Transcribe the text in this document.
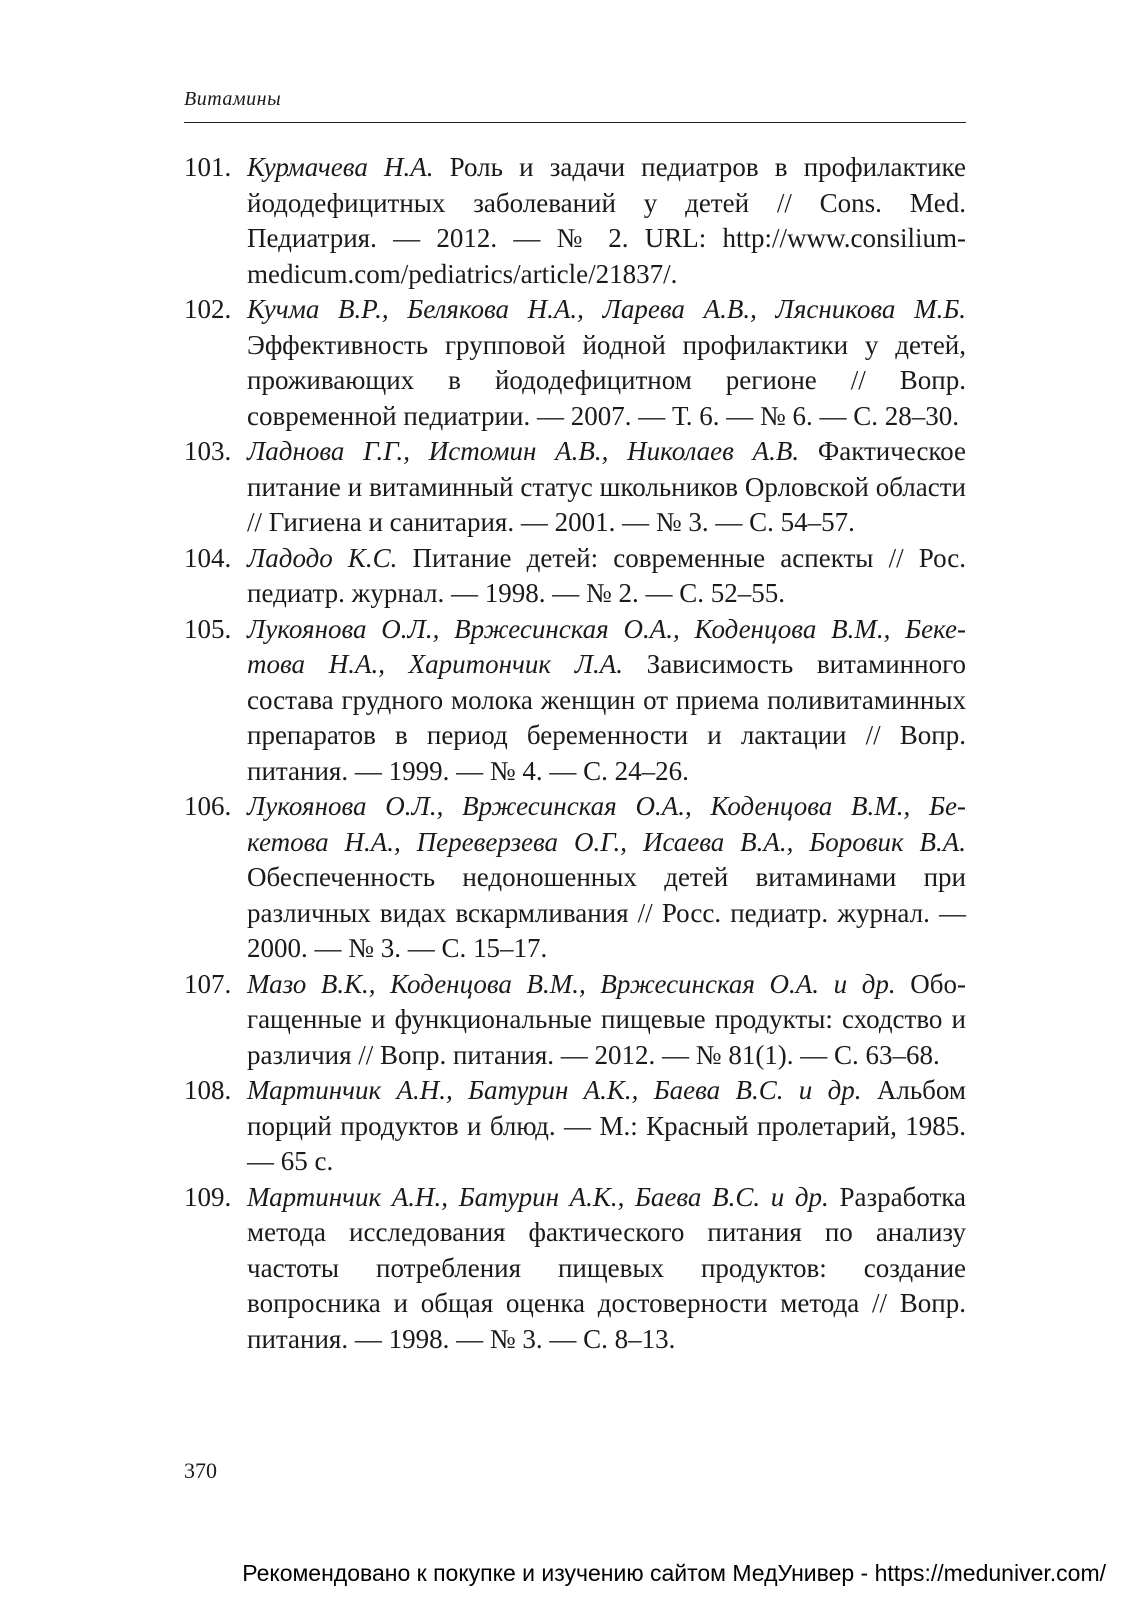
Витамины

101. Курмачева Н.А. Роль и задачи педиатров в профилактике йододефицитных заболеваний у детей // Cons. Med. Педиатрия. — 2012. — № 2. URL: http://www.consilium-medicum.com/pediatrics/article/21837/.

102. Кучма В.Р., Белякова Н.А., Ларева А.В., Лясникова М.Б. Эффективность групповой йодной профилактики у детей, проживающих в йододефицитном регионе // Вопр. современной педиатрии. — 2007. — Т. 6. — № 6. — С. 28–30.

103. Ладнова Г.Г., Истомин А.В., Николаев А.В. Фактическое питание и витаминный статус школьников Орловской области // Гигиена и санитария. — 2001. — № 3. — С. 54–57.

104. Ладодо К.С. Питание детей: современные аспекты // Рос. педиатр. журнал. — 1998. — № 2. — С. 52–55.

105. Лукоянова О.Л., Вржесинская О.А., Коденцова В.М., Бекетова Н.А., Харитончик Л.А. Зависимость витаминного состава грудного молока женщин от приема поливитаминных препаратов в период беременности и лактации // Вопр. питания. — 1999. — № 4. — С. 24–26.

106. Лукоянова О.Л., Вржесинская О.А., Коденцова В.М., Бекетова Н.А., Переверзева О.Г., Исаева В.А., Боровик В.А. Обеспеченность недоношенных детей витаминами при различных видах вскармливания // Росс. педиатр. журнал. — 2000. — № 3. — С. 15–17.

107. Мазо В.К., Коденцова В.М., Вржесинская О.А. и др. Обогащенные и функциональные пищевые продукты: сходство и различия // Вопр. питания. — 2012. — № 81(1). — С. 63–68.

108. Мартинчик А.Н., Батурин А.К., Баева В.С. и др. Альбом порций продуктов и блюд. — М.: Красный пролетарий, 1985. — 65 с.

109. Мартинчик А.Н., Батурин А.К., Баева В.С. и др. Разработка метода исследования фактического питания по анализу частоты потребления пищевых продуктов: создание вопросника и общая оценка достоверности метода // Вопр. питания. — 1998. — № 3. — С. 8–13.

370
Рекомендовано к покупке и изучению сайтом МедУнивер - https://meduniver.com/
